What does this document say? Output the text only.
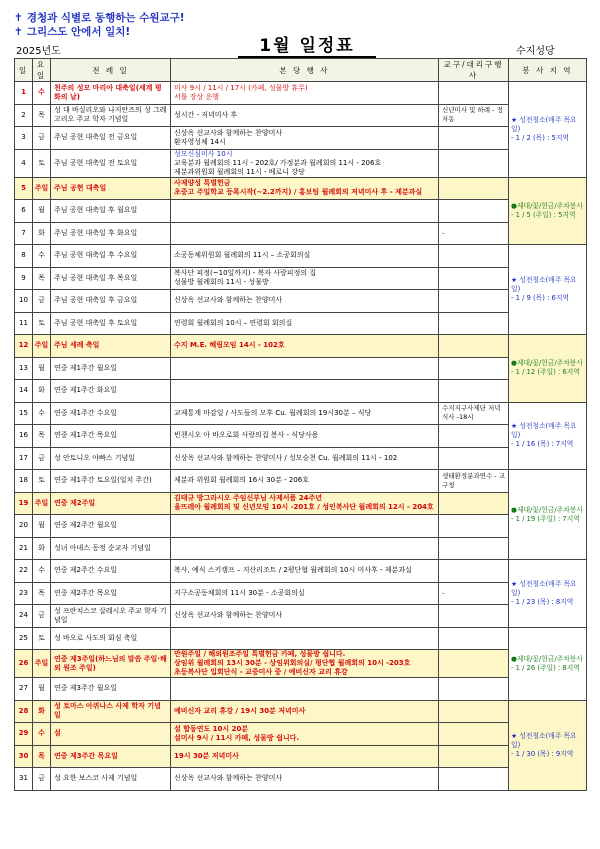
✝ 경청과 식별로 동행하는 수원교구!
✝ 그리스도 안에서 일치!
2025년도	1월 일정표	수지성당
일	요일	전 례 일	본 당 행 사	교구/대리구행사	봉 사 지 역
1	수	천주의 성모 마리아 대축일(세계 평화의 날)	미사 9시 / 11시 / 17시 (카페, 성물방 휴무)
서툴 장상 운행		★ 성전청소(매주 목요일)
- 1 / 2 (목) : 5지역

2	목	성 대 바실리오와 나지안즈의 성 그레고리오 주교 학자 기념일	성시간 - 저녁미사 후	신년미사 및 하례 - 정자동	
3	금	주님 공현 대축일 전 금요일	신상옥 선교사와 함께하는 찬양미사
환자영성체 14시		

4	토	주님 공현 대축일 전 토요일	성모신심미사 10시
교육분과 월례회의 11시 - 202호/ 가정분과 월례회의 11시 - 206호
제분과위원회 월례회의 11시 - 베로니 강당		

5	주일	주님 공현 대축일	사제양성 특별헌금
초중고 주일학교 등록시작(~2.2까지) / 홍보팀 월례회의 저녁미사 후 - 제분과실		●제대/꽃/헌금/주차봉사
- 1 / 5 (주일) : 5지역

6	월	주님 공현 대축일 후 월요일		

7	화	주님 공현 대축일 후 화요일		-	
8	수	주님 공현 대축일 후 수요일	소공동체위원회 월례회의 11시 – 소공회의실		★ 성전청소(매주 목요일)
- 1 / 9 (목) : 6지역

9	목	주님 공현 대축일 후 목요일	복사단 피정(~10일까지) - 복자 사랑피정의 집
성물방 월례회의 11시 - 성물방		

10	금	주님 공현 대축일 후 금요일	신상옥 선교사와 함께하는 찬양미사		

11	토	주님 공현 대축일 후 토요일	연령회 월례회의 10시 – 연령회 회의실		

12	주일	주님 세례 축일	수지 M.E. 혜림모임 14시 - 102호		●제대/꽃/헌금/주차봉사
- 1 / 12 (주일) : 6지역

13	월	연중 제1주간 월요일		

14	화	연중 제1주간 화요일		

15	수	연중 제1주간 수요일	교제통계 마감일 / 사도들의 모후 Cu. 월례회의 19시30분 – 식당	수지지구사제단 저녁식사 -18시	★ 성전청소(매주 목요일)
- 1 / 16 (목) : 7지역

16	목	연중 제1주간 목요일	빈첸시오 아 바오로회 사랑의집 봉사 - 식당사용		

17	금	성 안토니오 아빠스 기념일	신상옥 선교사와 함께하는 찬양미사 / 성모승천 Cu. 월례회의 11시 - 102		

18	토	연중 제1주간 토요일(일치 주간)	제분과 위원회 월례회의 16시 30분 - 206호	생태환경분과연수 - 교구청	●제대/꽃/헌금/주차봉사
- 1 / 19 (주일) : 7지역

19	주일	연중 제2주일	김태규 방그라시오 주임신부님 사제서품 24주년
울뜨레아 월례회의 및 신년모임 10시 -201호 / 성인복사단 월례회의 12시 - 204호		

20	월	연중 제2주간 월요일		

21	화	성녀 아녜스 동정 순교자 기념일		

22	수	연중 제2주간 수요일	복사, 예식 스키캠프 – 지산리조트 / 2평단협 월례회의 10시 미사후 - 제분과실		★ 성전청소(매주 목요일)
- 1 / 23 (목) : 8지역

23	목	연중 제2주간 목요일	지구소공동체회의 11시 30분 - 소공회의실	-	
24	금	성 프란치스코 살레시오 주교 학자 기념일	신상옥 선교사와 함께하는 찬양미사		

25	토	성 바오로 사도의 회심 축일			●제대/꽃/헌금/주차봉사
- 1 / 26 (주일) : 8지역

26	주일	연중 제3주일(하느님의 말씀 주일·해외 원조 주일)	만원주일 / 해외원조주일 특별헌금 카페, 성물방 쉽니다.
상임위 월례회의 13시 30분 - 상임위회의실/ 평단협 월례회의 10시 -203호
초등복사단 입회단식 - 교중미사 중 / 예비신자 교리 휴강		

27	월	연중 제3주간 월요일		

28	화	성 토마스 아퀴나스 사제 학자 기념일	예비신자 교리 휴강 / 19시 30분 저녁미사		★ 성전청소(매주 목요일)
- 1 / 30 (목) : 9지역

29	수	설	설 합동연도 10시 20분
설미사 9시 / 11시 카페, 성물방 쉽니다.		

30	목	연중 제3주간 목요일	19시 30분 저녁미사		

31	금	성 요한 보스코 사제 기념일	신상옥 선교사와 함께하는 찬양미사		
